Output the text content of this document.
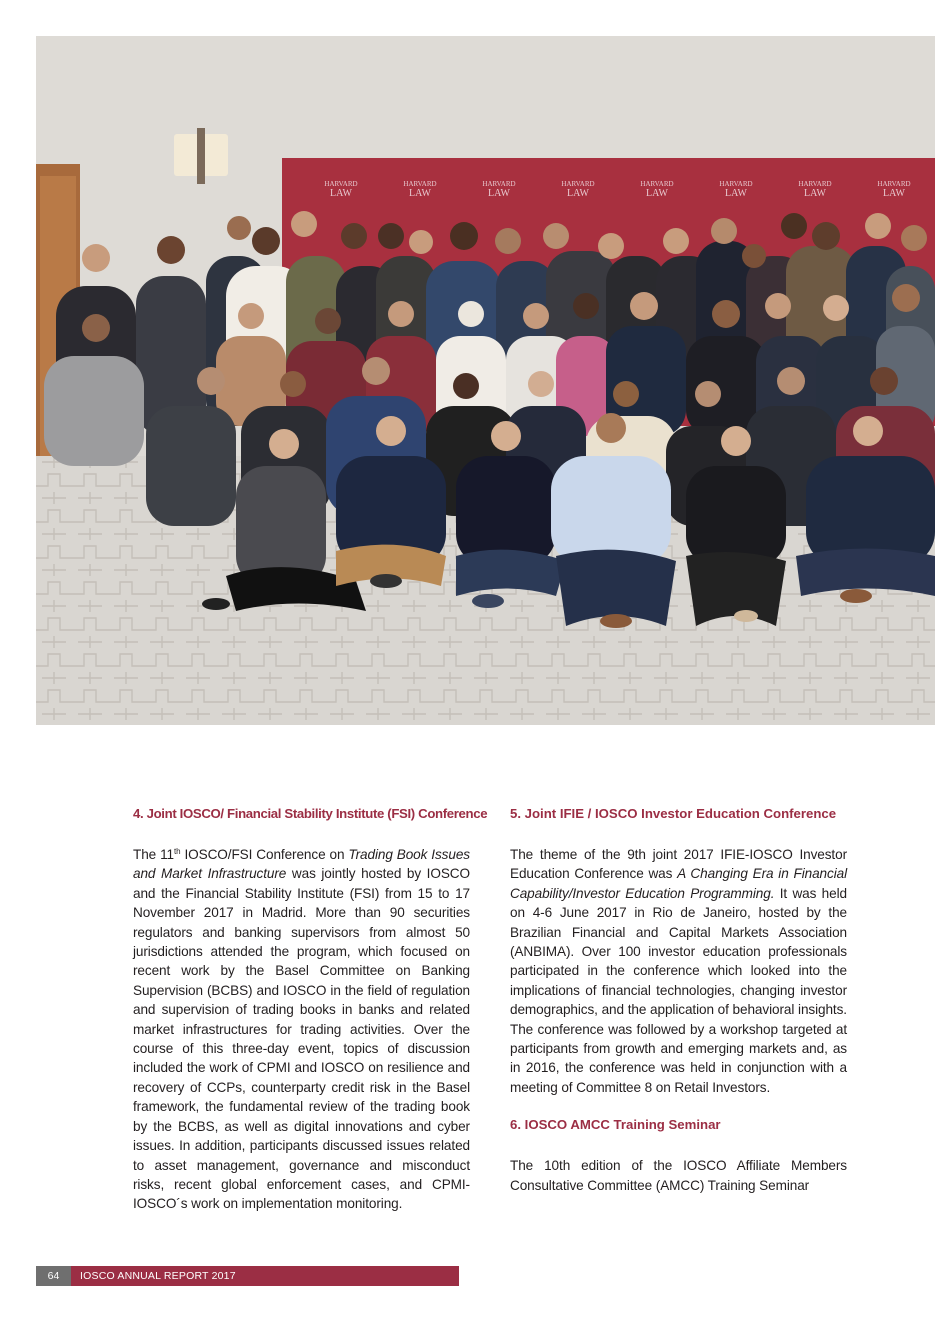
HARVARD
LAW
HARVARD
LAW
HARVARD
LAW
HARVARD
LAW
HARVARD
LAW
HARVARD
LAW
HARVARD
LAW
HARVARD
LAW
4. Joint IOSCO/ Financial Stability Institute (FSI) Conference

The 11th IOSCO/FSI Conference on Trading Book Issues and Market Infrastructure was jointly hosted by IOSCO and the Financial Stability Institute (FSI) from 15 to 17 November 2017 in Madrid. More than 90 securities regulators and banking supervisors from almost 50 jurisdictions attended the program, which focused on recent work by the Basel Committee on Banking Supervision (BCBS) and IOSCO in the field of regulation and supervision of trading books in banks and related market infrastructures for trading activities. Over the course of this three-day event, topics of discussion included the work of CPMI and IOSCO on resilience and recovery of CCPs, counterparty credit risk in the Basel framework, the fundamental review of the trading book by the BCBS, as well as digital innovations and cyber issues. In addition, participants discussed issues related to asset management, governance and misconduct risks, recent global enforcement cases, and CPMI- IOSCO´s work on implementation monitoring.

5. Joint IFIE / IOSCO Investor Education Conference

The theme of the 9th joint 2017 IFIE-IOSCO Investor Education Conference was A Changing Era in Financial Capability/Investor Education Programming. It was held on 4-6 June 2017 in Rio de Janeiro, hosted by the Brazilian Financial and Capital Markets Association (ANBIMA). Over 100 investor education professionals participated in the conference which looked into the implications of financial technologies, changing investor demographics, and the application of behavioral insights. The conference was followed by a workshop targeted at participants from growth and emerging markets and, as in 2016, the conference was held in conjunction with a meeting of Committee 8 on Retail Investors.

6. IOSCO AMCC Training Seminar

The 10th edition of the IOSCO Affiliate Members Consultative Committee (AMCC) Training Seminar

64	IOSCO ANNUAL REPORT 2017
